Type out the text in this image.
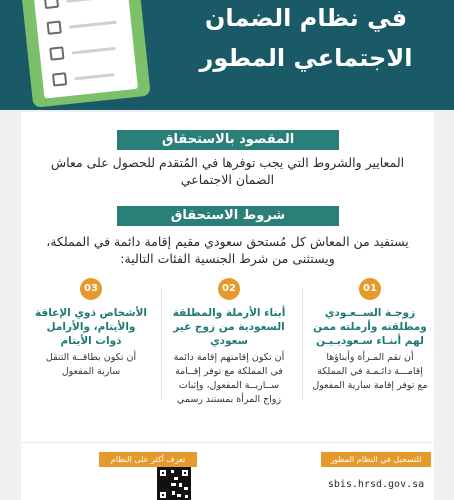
في نظام الضمان
الاجتماعي المطور
المقصود بالاستحقاق
المعايير والشروط التي يجب توفرها في المُتقدم للحصول على معاش الضمان الاجتماعي
شروط الاستحقاق
يستفيد من المعاش كل مُستحق سعودي مقيم إقامة دائمة في المملكة، ويستثنى من شرط الجنسية الفئات التالية:
01
زوجـة الســعـودي ومطلقته وأرملته ممن لهم أبنـاء سـعوديـيـن
أن تقم المـرأة وأبناؤها إقامـــة دائـمـة في المملكة مع توفر إقامة سارية المفعول
02
أبناء الأرملة والمطلقة السعودية من زوج غير سعودي
أن تكون إقامتهم إقامة دائمة في المملكة مع توفر إقــامة ســاريــة المفعول، وإثبات زواج المرأة بمستند رسمي
03
الأشخاص ذوي الإعاقة والأيتام، والأرامل ذوات الأيتام
أن تكون بطاقــة التنقل سارية المفعول
للتسجيل في النظام المطور
sbis.hrsd.gov.sa
تعرف أكثر على النظام
